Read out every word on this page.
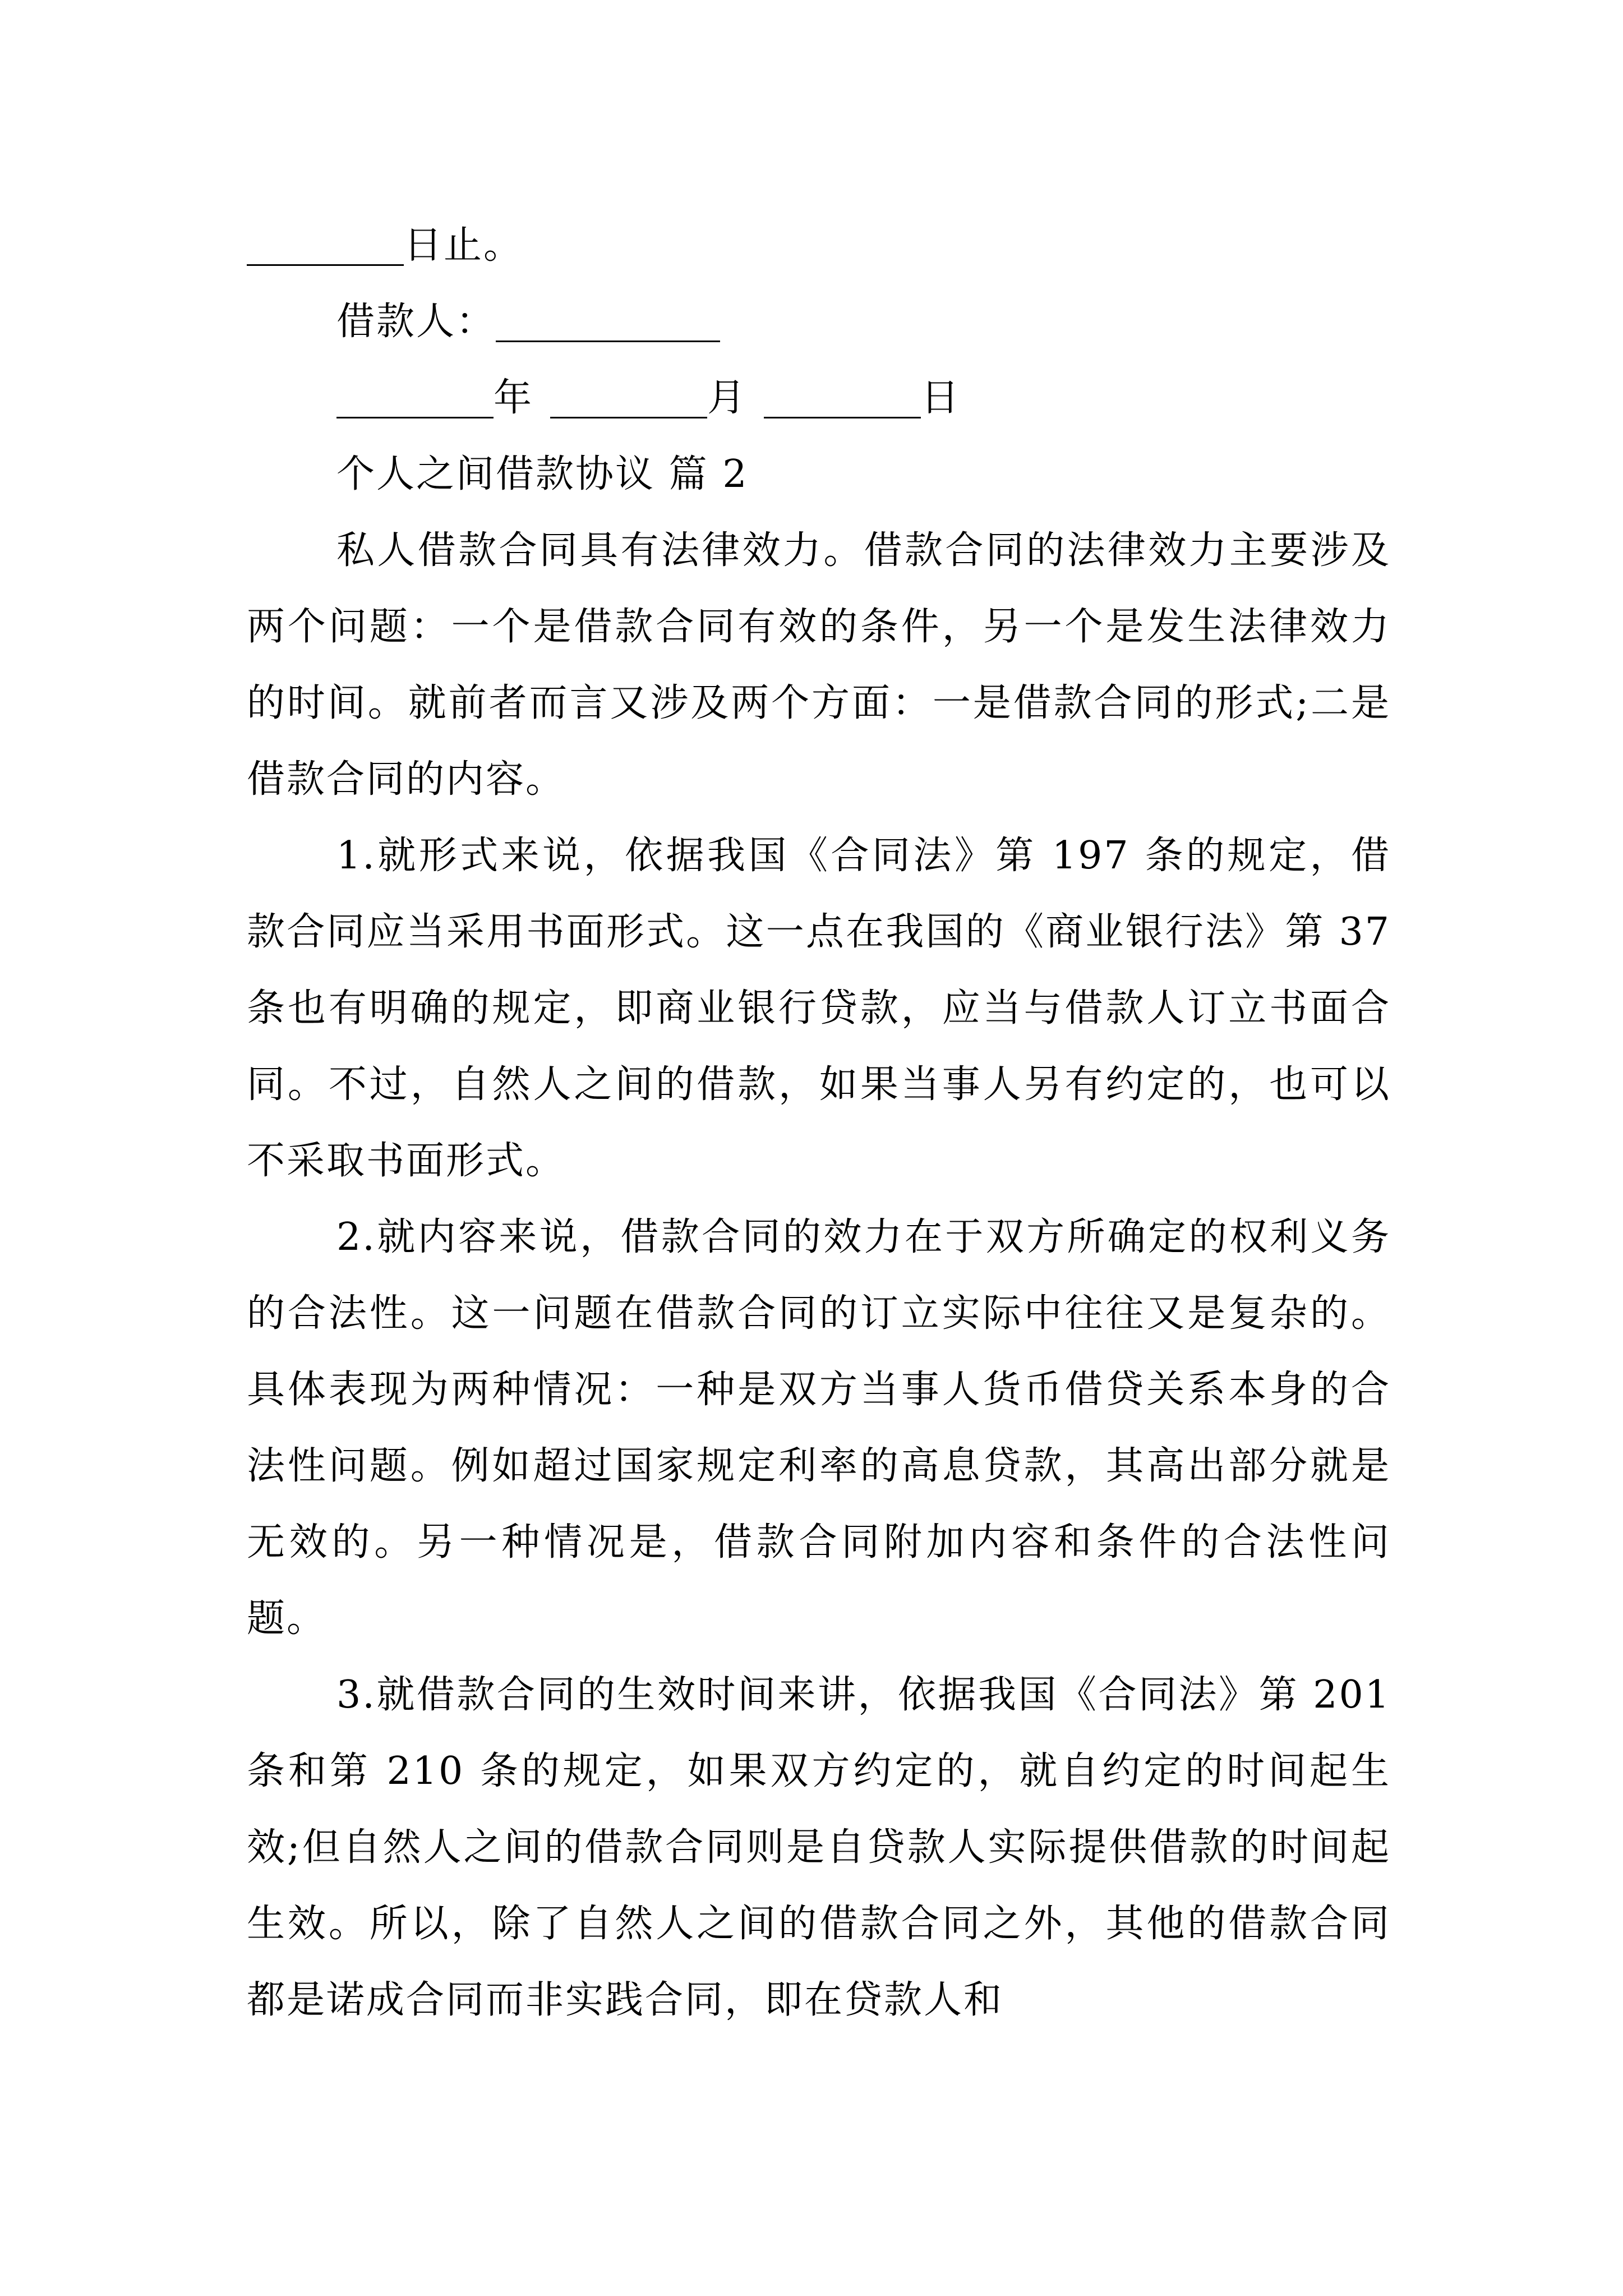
日止。
借款人：
年	月	日
个人之间借款协议 篇 2

私人借款合同具有法律效力。借款合同的法律效力主要涉及两个问题：一个是借款合同有效的条件，另一个是发生法律效力的时间。就前者而言又涉及两个方面：一是借款合同的形式;二是借款合同的内容。

1.就形式来说，依据我国《合同法》第 197 条的规定，借款合同应当采用书面形式。这一点在我国的《商业银行法》第 37 条也有明确的规定，即商业银行贷款，应当与借款人订立书面合同。不过，自然人之间的借款，如果当事人另有约定的，也可以不采取书面形式。

2.就内容来说，借款合同的效力在于双方所确定的权利义务的合法性。这一问题在借款合同的订立实际中往往又是复杂的。具体表现为两种情况：一种是双方当事人货币借贷关系本身的合法性问题。例如超过国家规定利率的高息贷款，其高出部分就是无效的。另一种情况是，借款合同附加内容和条件的合法性问题。

3.就借款合同的生效时间来讲，依据我国《合同法》第 201 条和第 210 条的规定，如果双方约定的，就自约定的时间起生效;但自然人之间的借款合同则是自贷款人实际提供借款的时间起生效。所以，除了自然人之间的借款合同之外，其他的借款合同都是诺成合同而非实践合同，即在贷款人和
